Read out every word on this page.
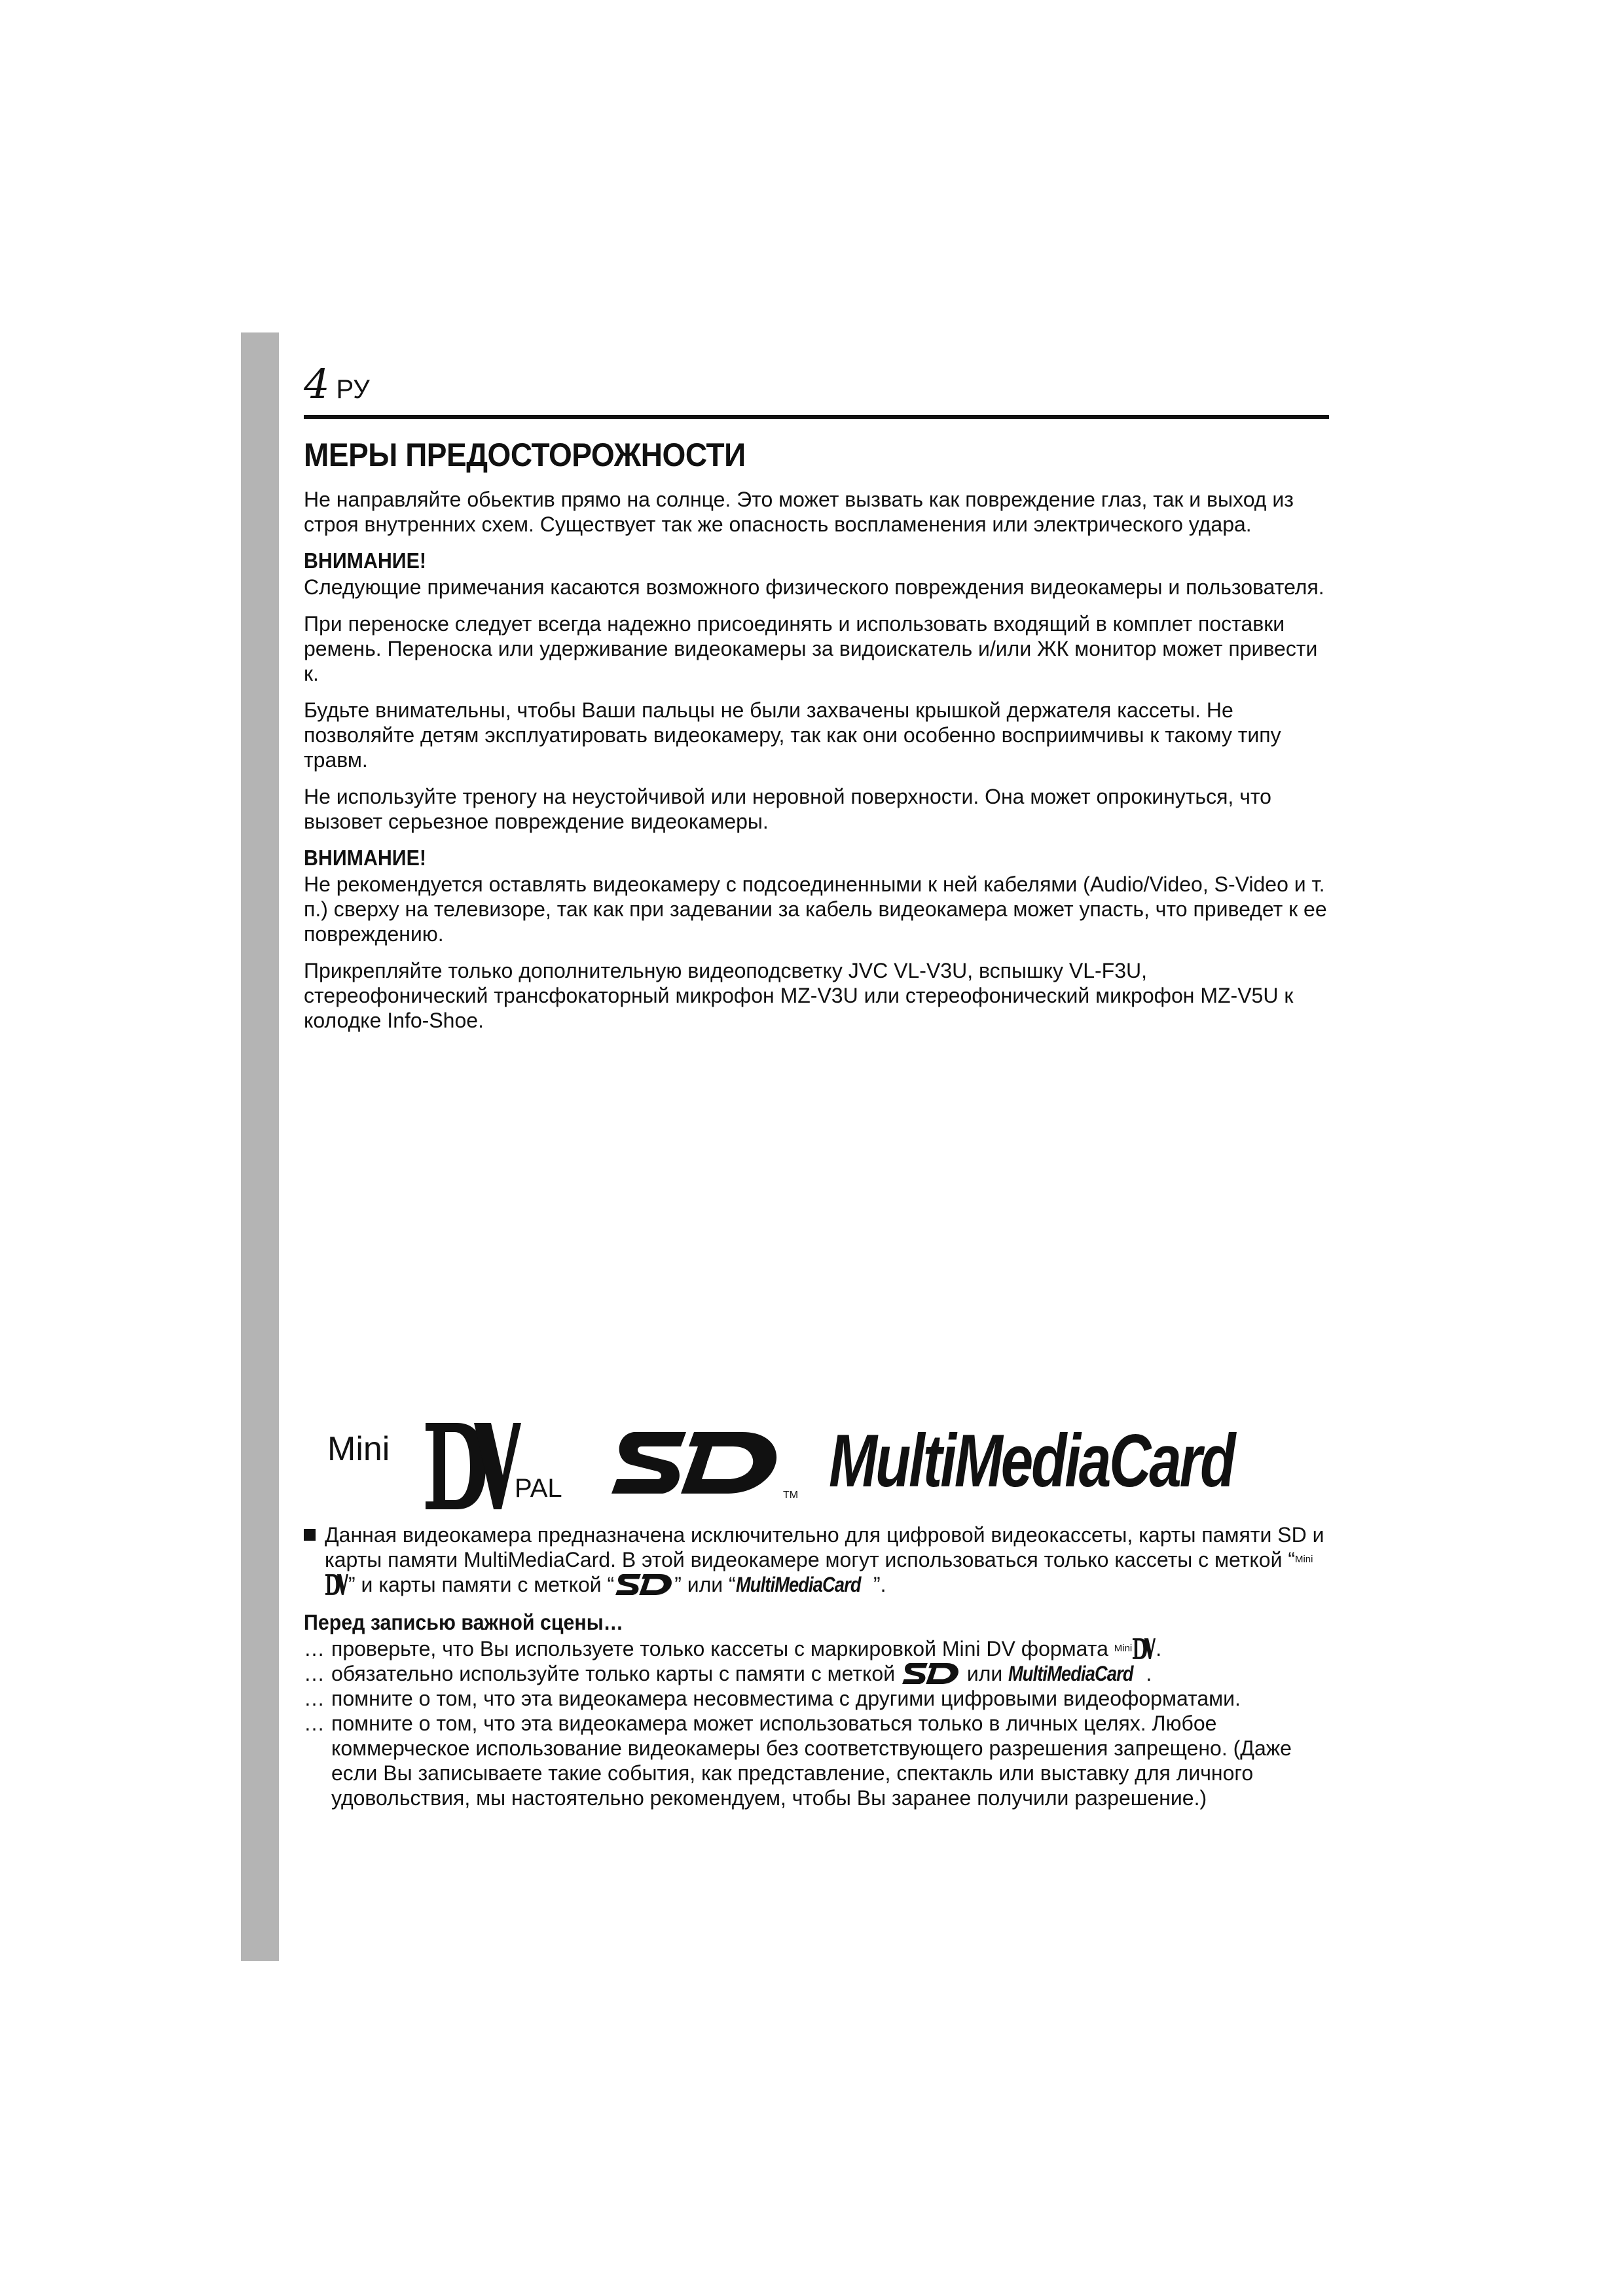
4 РУ
МЕРЫ ПРЕДОСТОРОЖНОСТИ

Не направляйте обьектив прямо на солнце. Это может вызвать как повреждение глаз, так и выход из строя внутренних схем. Существует так же опасность воспламенения или электрического удара.

ВНИМАНИЕ!

Следующие примечания касаются возможного физического повреждения видеокамеры и пользователя.

При переноске следует всегда надежно присоединять и использовать входящий в комплет поставки ремень. Переноска или удерживание видеокамеры за видоискатель и/или ЖК монитор может привести к.

Будьте внимательны, чтобы Ваши пальцы не были захвачены крышкой держателя кассеты. Не позволяйте детям эксплуатировать видеокамеру, так как они особенно восприимчивы к такому типу травм.

Не используйте треногу на неустойчивой или неровной поверхности. Она может опрокинуться, что вызовет серьезное повреждение видеокамеры.

ВНИМАНИЕ!

Не рекомендуется оставлять видеокамеру с подсоединенными к ней кабелями (Audio/Video, S-Video и т. п.) сверху на телевизоре, так как при задевании за кабель видеокамера может упасть, что приведет к ее повреждению.

Прикрепляйте только дополнительную видеоподсветку JVC VL-V3U, вспышку VL-F3U, стереофонический трансфокаторный микрофон MZ-V3U или стереофонический микрофон MZ-V5U к колодке Info-Shoe.

Mini
PAL	TM MultiMediaCard
Данная видеокамера предназначена исключительно для цифровой видеокассеты, карты памяти SD и карты памяти MultiMediaCard. В этой видеокамере могут использоваться только кассеты с меткой “Mini” и карты памяти с меткой “	” или “MultiMediaCard ”.
Перед записью важной сцены…
… проверьте, что Вы используете только кассеты с маркировкой Mini DV формата Mini .
… обязательно используйте только карты с памяти с меткой	или MultiMediaCard .
… помните о том, что эта видеокамера несовместима с другими цифровыми видеоформатами.
… помните о том, что эта видеокамера может использоваться только в личных целях. Любое коммерческое использование видеокамеры без соответствующего разрешения запрещено. (Даже если Вы записываете такие события, как представление, спектакль или выставку для личного удовольствия, мы настоятельно рекомендуем, чтобы Вы заранее получили разрешение.)
